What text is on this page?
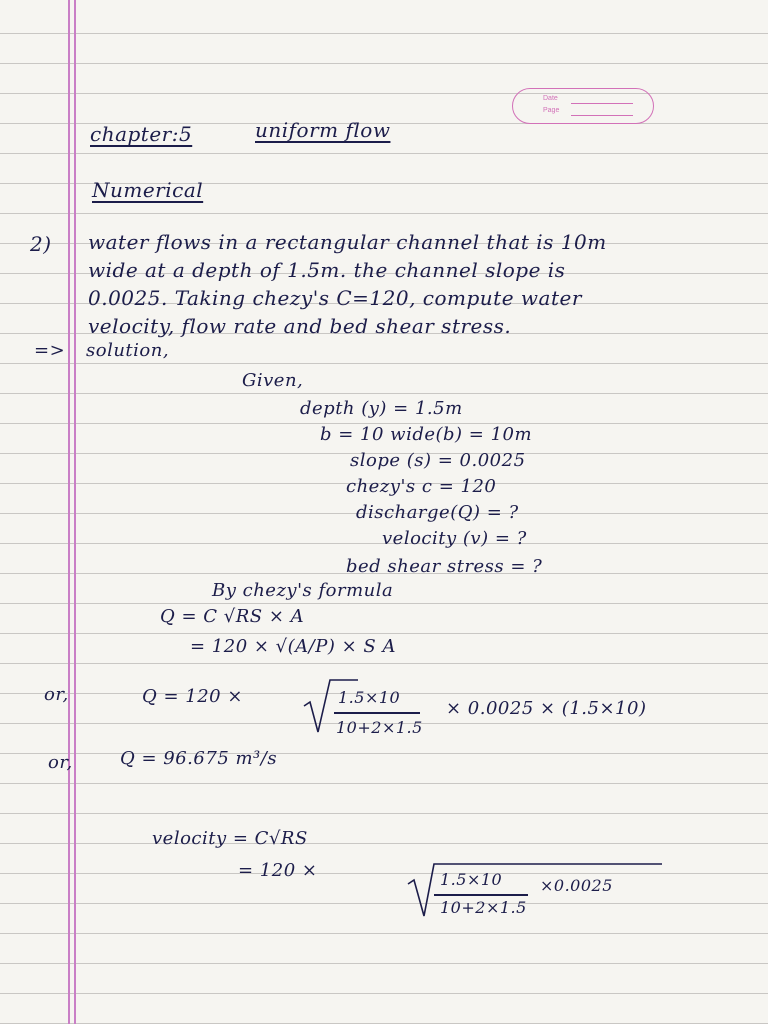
Date
Page
chapter:5	uniform flow
Numerical
2) water flows in a rectangular channel that is 10m
wide at a depth of 1.5m. the channel slope is
0.0025. Taking chezy's C=120, compute water
velocity, flow rate and bed shear stress.
=> solution,
Given,
depth (y) = 1.5m
b = 10 wide(b) = 10m
slope (s) = 0.0025
chezy's c = 120
discharge(Q) = ?
velocity (v) = ?
bed shear stress = ?
By chezy's formula
Q = C √RS × A
= 120 × √(A/P) × S A
or,	Q = 120 ×	1.5×10
10+2×1.5
× 0.0025 × (1.5×10)
or,	Q = 96.675 m³/s
velocity = C√RS
= 120 ×	1.5×10
10+2×1.5
×0.0025
